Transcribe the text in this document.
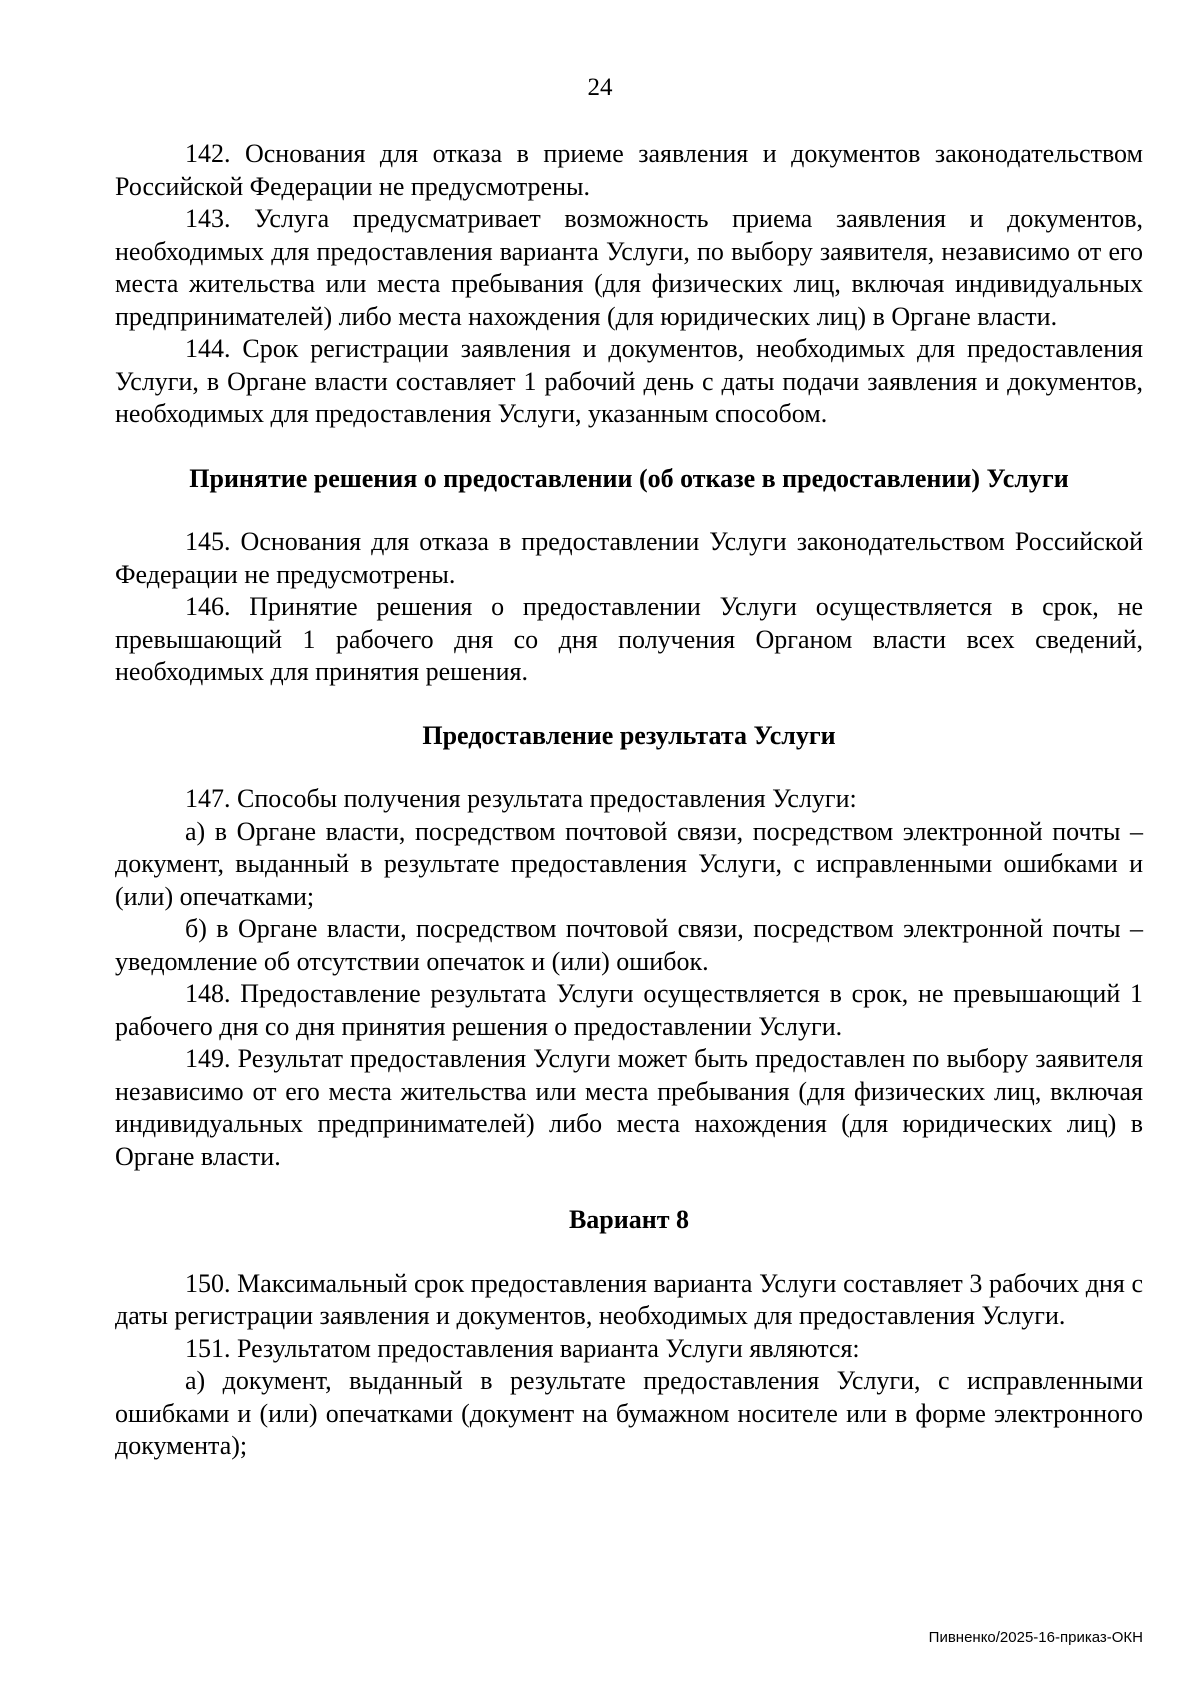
24

142. Основания для отказа в приеме заявления и документов законодательством Российской Федерации не предусмотрены.

143. Услуга предусматривает возможность приема заявления и документов, необходимых для предоставления варианта Услуги, по выбору заявителя, независимо от его места жительства или места пребывания (для физических лиц, включая индивидуальных предпринимателей) либо места нахождения (для юридических лиц) в Органе власти.

144. Срок регистрации заявления и документов, необходимых для предоставления Услуги, в Органе власти составляет 1 рабочий день с даты подачи заявления и документов, необходимых для предоставления Услуги, указанным способом.

Принятие решения о предоставлении (об отказе в предоставлении) Услуги

145. Основания для отказа в предоставлении Услуги законодательством Российской Федерации не предусмотрены.

146. Принятие решения о предоставлении Услуги осуществляется в срок, не превышающий 1 рабочего дня со дня получения Органом власти всех сведений, необходимых для принятия решения.

Предоставление результата Услуги

147. Способы получения результата предоставления Услуги:

а) в Органе власти, посредством почтовой связи, посредством электронной почты – документ, выданный в результате предоставления Услуги, с исправленными ошибками и (или) опечатками;

б) в Органе власти, посредством почтовой связи, посредством электронной почты – уведомление об отсутствии опечаток и (или) ошибок.

148. Предоставление результата Услуги осуществляется в срок, не превышающий 1 рабочего дня со дня принятия решения о предоставлении Услуги.

149. Результат предоставления Услуги может быть предоставлен по выбору заявителя независимо от его места жительства или места пребывания (для физических лиц, включая индивидуальных предпринимателей) либо места нахождения (для юридических лиц) в Органе власти.

Вариант 8

150. Максимальный срок предоставления варианта Услуги составляет 3 рабочих дня с даты регистрации заявления и документов, необходимых для предоставления Услуги.

151. Результатом предоставления варианта Услуги являются:

а) документ, выданный в результате предоставления Услуги, с исправленными ошибками и (или) опечатками (документ на бумажном носителе или в форме электронного документа);

Пивненко/2025-16-приказ-ОКН
